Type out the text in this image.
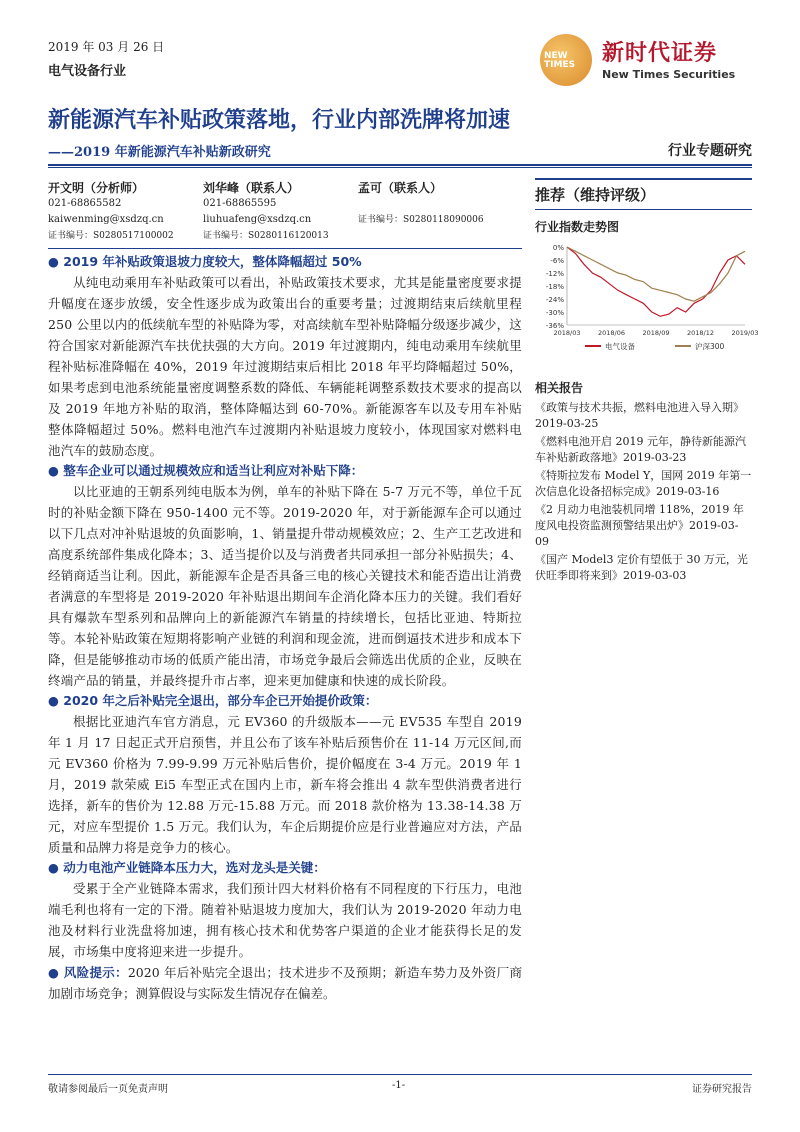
2019 年 03 月 26 日
电气设备行业
NEW TIMES	新时代证券
New Times Securities
新能源汽车补贴政策落地，行业内部洗牌将加速
——2019 年新能源汽车补贴新政研究	行业专题研究
开文明（分析师）
021-68865582
kaiwenming@xsdzq.cn
证书编号：S0280517100002
刘华峰（联系人）
021-68865595
liuhuafeng@xsdzq.cn
证书编号：S0280116120013
孟可（联系人）
证书编号：S0280118090006

● 2019 年补贴政策退坡力度较大，整体降幅超过 50%

从纯电动乘用车补贴政策可以看出，补贴政策技术要求，尤其是能量密度要求提升幅度在逐步放缓，安全性逐步成为政策出台的重要考量；过渡期结束后续航里程 250 公里以内的低续航车型的补贴降为零，对高续航车型补贴降幅分级逐步减少，这符合国家对新能源汽车扶优扶强的大方向。2019 年过渡期内，纯电动乘用车续航里程补贴标准降幅在 40%，2019 年过渡期结束后相比 2018 年平均降幅超过 50%，如果考虑到电池系统能量密度调整系数的降低、车辆能耗调整系数技术要求的提高以及 2019 年地方补贴的取消，整体降幅达到 60-70%。新能源客车以及专用车补贴整体降幅超过 50%。燃料电池汽车过渡期内补贴退坡力度较小，体现国家对燃料电池汽车的鼓励态度。

● 整车企业可以通过规模效应和适当让利应对补贴下降：

以比亚迪的王朝系列纯电版本为例，单车的补贴下降在 5-7 万元不等，单位千瓦时的补贴金额下降在 950-1400 元不等。2019-2020 年，对于新能源车企可以通过以下几点对冲补贴退坡的负面影响，1、销量提升带动规模效应；2、生产工艺改进和高度系统部件集成化降本；3、适当提价以及与消费者共同承担一部分补贴损失；4、经销商适当让利。因此，新能源车企是否具备三电的核心关键技术和能否造出让消费者满意的车型将是 2019-2020 年补贴退出期间车企消化降本压力的关键。我们看好具有爆款车型系列和品牌向上的新能源汽车销量的持续增长，包括比亚迪、特斯拉等。本轮补贴政策在短期将影响产业链的利润和现金流，进而倒逼技术进步和成本下降，但是能够推动市场的低质产能出清，市场竞争最后会筛选出优质的企业，反映在终端产品的销量，并最终提升市占率，迎来更加健康和快速的成长阶段。

● 2020 年之后补贴完全退出，部分车企已开始提价政策：

根据比亚迪汽车官方消息，元 EV360 的升级版本——元 EV535 车型自 2019 年 1 月 17 日起正式开启预售，并且公布了该车补贴后预售价在 11-14 万元区间,而元 EV360 价格为 7.99-9.99 万元补贴后售价，提价幅度在 3-4 万元。2019 年 1 月，2019 款荣威 Ei5 车型正式在国内上市，新车将会推出 4 款车型供消费者进行选择，新车的售价为 12.88 万元-15.88 万元。而 2018 款价格为 13.38-14.38 万元，对应车型提价 1.5 万元。我们认为，车企后期提价应是行业普遍应对方法，产品质量和品牌力将是竞争力的核心。

● 动力电池产业链降本压力大，选对龙头是关键：

受累于全产业链降本需求，我们预计四大材料价格有不同程度的下行压力，电池端毛利也将有一定的下滑。随着补贴退坡力度加大，我们认为 2019-2020 年动力电池及材料行业洗盘将加速，拥有核心技术和优势客户渠道的企业才能获得长足的发展，市场集中度将迎来进一步提升。

● 风险提示：2020 年后补贴完全退出；技术进步不及预期；新造车势力及外资厂商加剧市场竞争；测算假设与实际发生情况存在偏差。

推荐（维持评级）
行业指数走势图
0%
-6%
-12%
-18%
-24%
-30%
-36%
2018/03	2018/06	2018/09	2018/12	2019/03
电气设备	沪深300
相关报告
《政策与技术共振，燃料电池进入导入期》2019-03-25
《燃料电池开启 2019 元年，静待新能源汽车补贴新政落地》2019-03-23
《特斯拉发布 Model Y，国网 2019 年第一次信息化设备招标完成》2019-03-16
《2 月动力电池装机同增 118%，2019 年度风电投资监测预警结果出炉》2019-03-09
《国产 Model3 定价有望低于 30 万元，光伏旺季即将来到》2019-03-03
敬请参阅最后一页免责声明	-1-	证券研究报告
